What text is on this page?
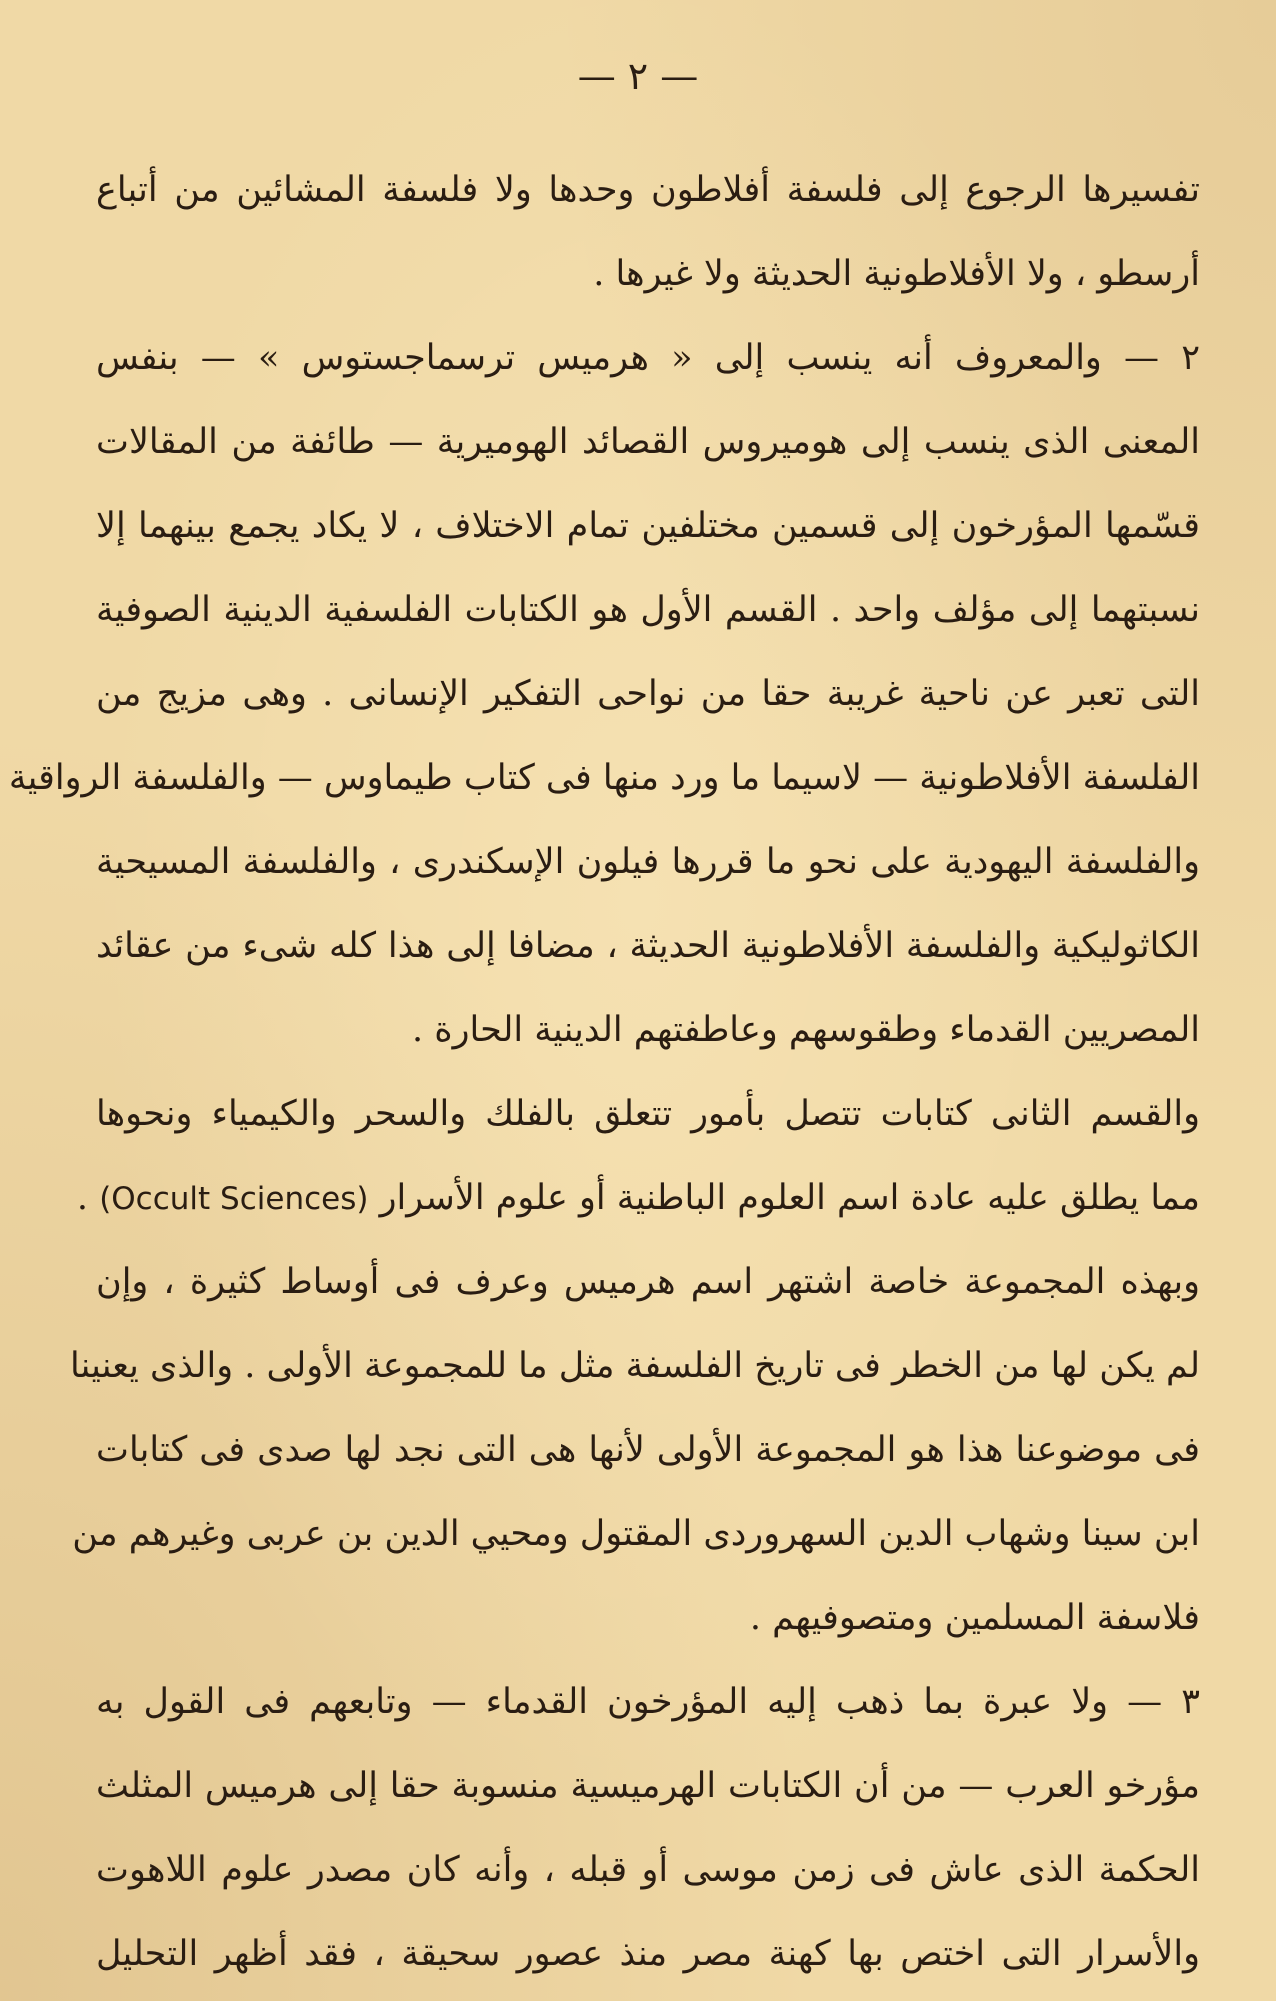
— ٢ —
تفسيرها الرجوع إلى فلسفة أفلاطون وحدها ولا فلسفة المشائين من أتباع
أرسطو ، ولا الأفلاطونية الحديثة ولا غيرها .
٢ — والمعروف أنه ينسب إلى « هرميس ترسماجستوس » — بنفس
المعنى الذى ينسب إلى هوميروس القصائد الهوميرية — طائفة من المقالات
قسّمها المؤرخون إلى قسمين مختلفين تمام الاختلاف ، لا يكاد يجمع بينهما إلا
نسبتهما إلى مؤلف واحد . القسم الأول هو الكتابات الفلسفية الدينية الصوفية
التى تعبر عن ناحية غريبة حقا من نواحى التفكير الإنسانى . وهى مزيج من
الفلسفة الأفلاطونية — لاسيما ما ورد منها فى كتاب طيماوس — والفلسفة الرواقية
والفلسفة اليهودية على نحو ما قررها فيلون الإسكندرى ، والفلسفة المسيحية
الكاثوليكية والفلسفة الأفلاطونية الحديثة ، مضافا إلى هذا كله شىء من عقائد
المصريين القدماء وطقوسهم وعاطفتهم الدينية الحارة .
والقسم الثانى كتابات تتصل بأمور تتعلق بالفلك والسحر والكيمياء ونحوها
مما يطلق عليه عادة اسم العلوم الباطنية أو علوم الأسرار (Occult Sciences) .
وبهذه المجموعة خاصة اشتهر اسم هرميس وعرف فى أوساط كثيرة ، وإن
لم يكن لها من الخطر فى تاريخ الفلسفة مثل ما للمجموعة الأولى . والذى يعنينا
فى موضوعنا هذا هو المجموعة الأولى لأنها هى التى نجد لها صدى فى كتابات
ابن سينا وشهاب الدين السهروردى المقتول ومحيي الدين بن عربى وغيرهم من
فلاسفة المسلمين ومتصوفيهم .
٣ — ولا عبرة بما ذهب إليه المؤرخون القدماء — وتابعهم فى القول به
مؤرخو العرب — من أن الكتابات الهرميسية منسوبة حقا إلى هرميس المثلث
الحكمة الذى عاش فى زمن موسى أو قبله ، وأنه كان مصدر علوم اللاهوت
والأسرار التى اختص بها كهنة مصر منذ عصور سحيقة ، فقد أظهر التحليل
